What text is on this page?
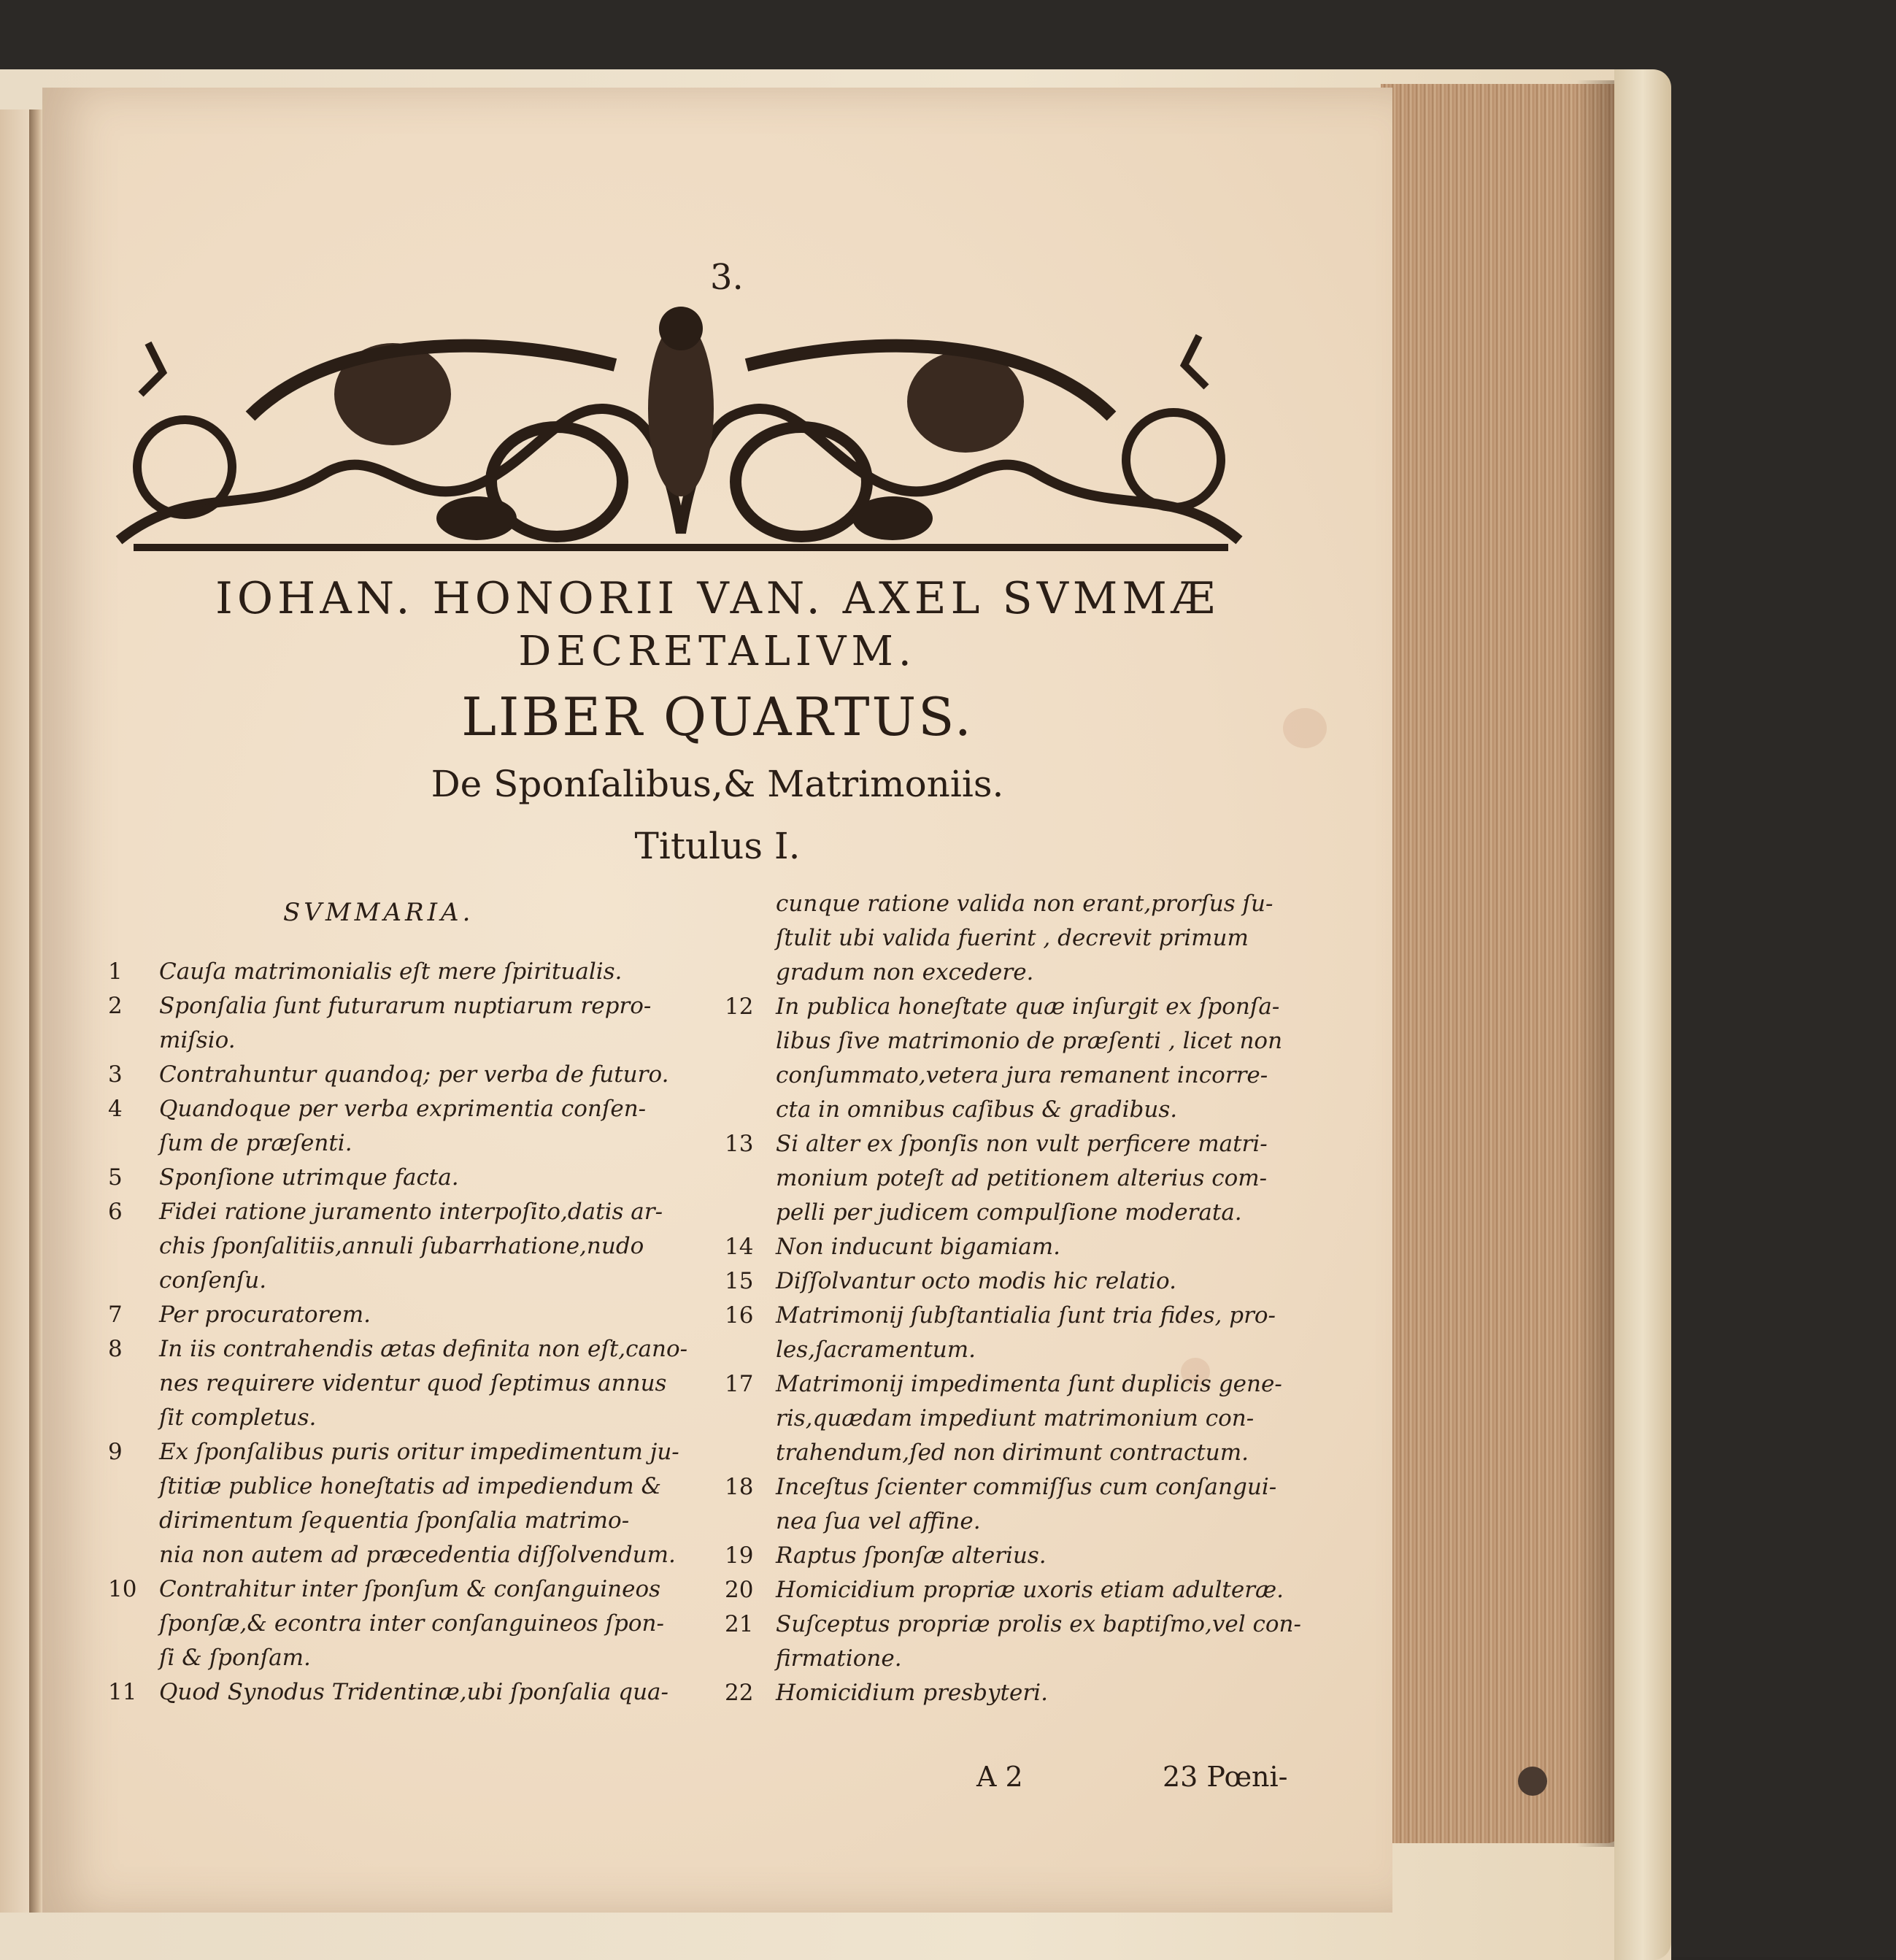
3.
IOHAN. HONORII VAN. AXEL SVMMÆ
DECRETALIVM.
LIBER QUARTUS.
De Sponſalibus,& Matrimoniis.
Titulus I.
SVMMARIA.
1	Cauſa matrimonialis eſt mere ſpiritualis.
2	Sponſalia ſunt futurarum nuptiarum repro-
miſsio.
3	Contrahuntur quandoq; per verba de futuro.
4	Quandoque per verba exprimentia conſen-
ſum de præſenti.
5	Sponſione utrimque facta.
6	Fidei ratione juramento interpoſito,datis ar-
chis ſponſalitiis,annuli ſubarrhatione,nudo
conſenſu.
7	Per procuratorem.
8	In iis contrahendis ætas definita non eſt,cano-
nes requirere videntur quod ſeptimus annus
ſit completus.
9	Ex ſponſalibus puris oritur impedimentum ju-
ſtitiæ publice honeſtatis ad impediendum &
dirimentum ſequentia ſponſalia matrimo-
nia non autem ad præcedentia diſſolvendum.
10 Contrahitur inter ſponſum & conſanguineos
ſponſæ,& econtra inter conſanguineos ſpon-
ſi & ſponſam.
11 Quod Synodus Tridentinæ,ubi ſponſalia qua-
cunque ratione valida non erant,prorſus ſu-
ſtulit ubi valida fuerint , decrevit primum
gradum non excedere.
12 In publica honeſtate quæ inſurgit ex ſponſa-
libus ſive matrimonio de præſenti , licet non
conſummato,vetera jura remanent incorre-
cta in omnibus caſibus & gradibus.
13 Si alter ex ſponſis non vult perficere matri-
monium poteſt ad petitionem alterius com-
pelli per judicem compulſione moderata.
14 Non inducunt bigamiam.
15 Diſſolvantur octo modis hic relatio.
16 Matrimonij ſubſtantialia ſunt tria fides, pro-
les,ſacramentum.
17 Matrimonij impedimenta ſunt duplicis gene-
ris,quædam impediunt matrimonium con-
trahendum,ſed non dirimunt contractum.
18 Inceſtus ſcienter commiſſus cum conſangui-
nea ſua vel affine.
19 Raptus ſponſæ alterius.
20 Homicidium propriæ uxoris etiam adulteræ.
21 Suſceptus propriæ prolis ex baptiſmo,vel con-
firmatione.
22 Homicidium presbyteri.
A 2	23 Pœni-
